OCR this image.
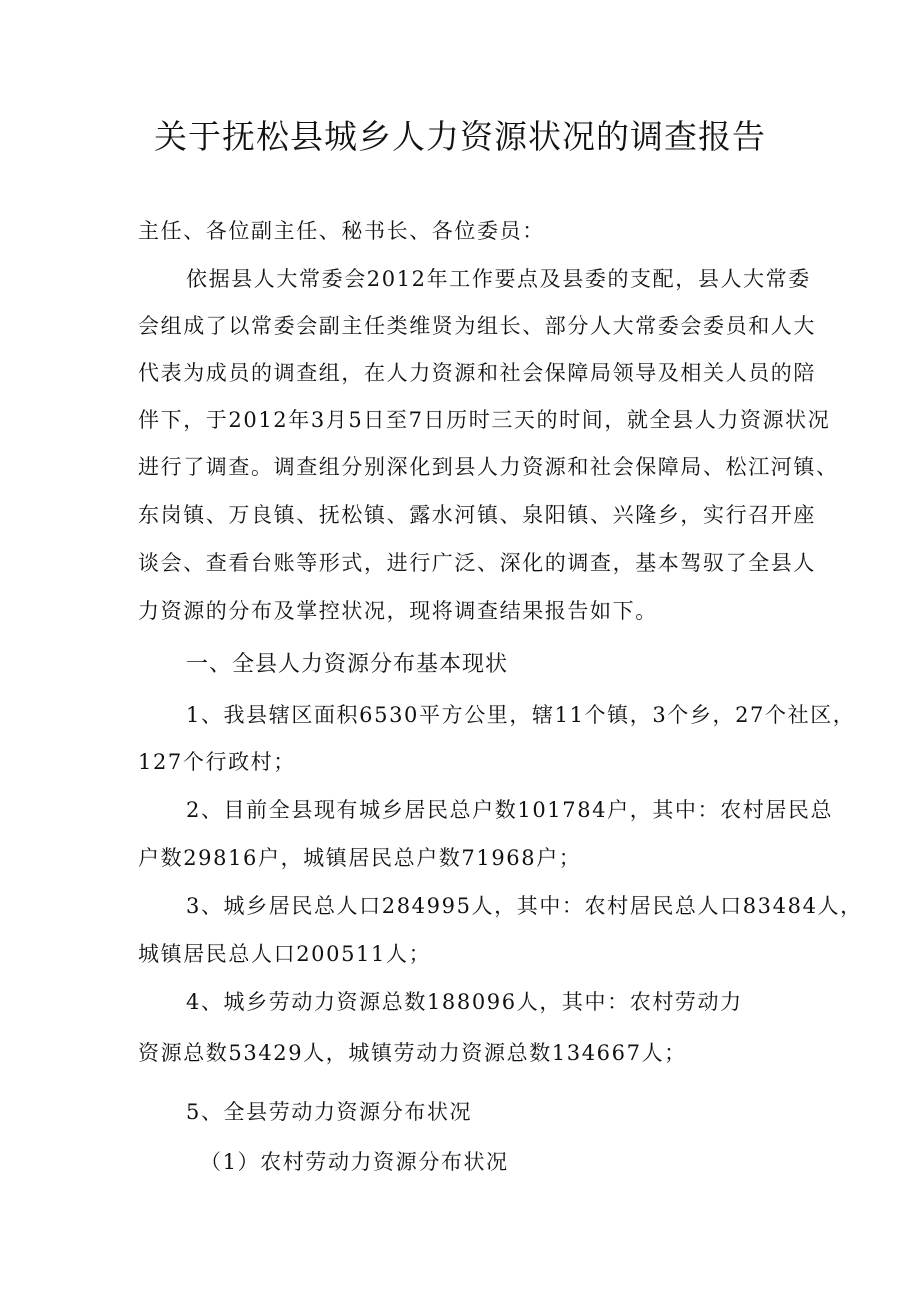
关于抚松县城乡人力资源状况的调查报告

主任、各位副主任、秘书长、各位委员：

依据县人大常委会2012年工作要点及县委的支配，县人大常委

会组成了以常委会副主任类维贤为组长、部分人大常委会委员和人大

代表为成员的调查组，在人力资源和社会保障局领导及相关人员的陪

伴下，于2012年3月5日至7日历时三天的时间，就全县人力资源状况

进行了调查。调查组分别深化到县人力资源和社会保障局、松江河镇、

东岗镇、万良镇、抚松镇、露水河镇、泉阳镇、兴隆乡，实行召开座

谈会、查看台账等形式，进行广泛、深化的调查，基本驾驭了全县人

力资源的分布及掌控状况，现将调查结果报告如下。

一、全县人力资源分布基本现状

1、我县辖区面积6530平方公里，辖11个镇，3个乡，27个社区，

127个行政村；

2、目前全县现有城乡居民总户数101784户，其中：农村居民总

户数29816户，城镇居民总户数71968户；

3、城乡居民总人口284995人，其中：农村居民总人口83484人，

城镇居民总人口200511人；

4、城乡劳动力资源总数188096人，其中：农村劳动力

资源总数53429人，城镇劳动力资源总数134667人；

5、全县劳动力资源分布状况

（1）农村劳动力资源分布状况
